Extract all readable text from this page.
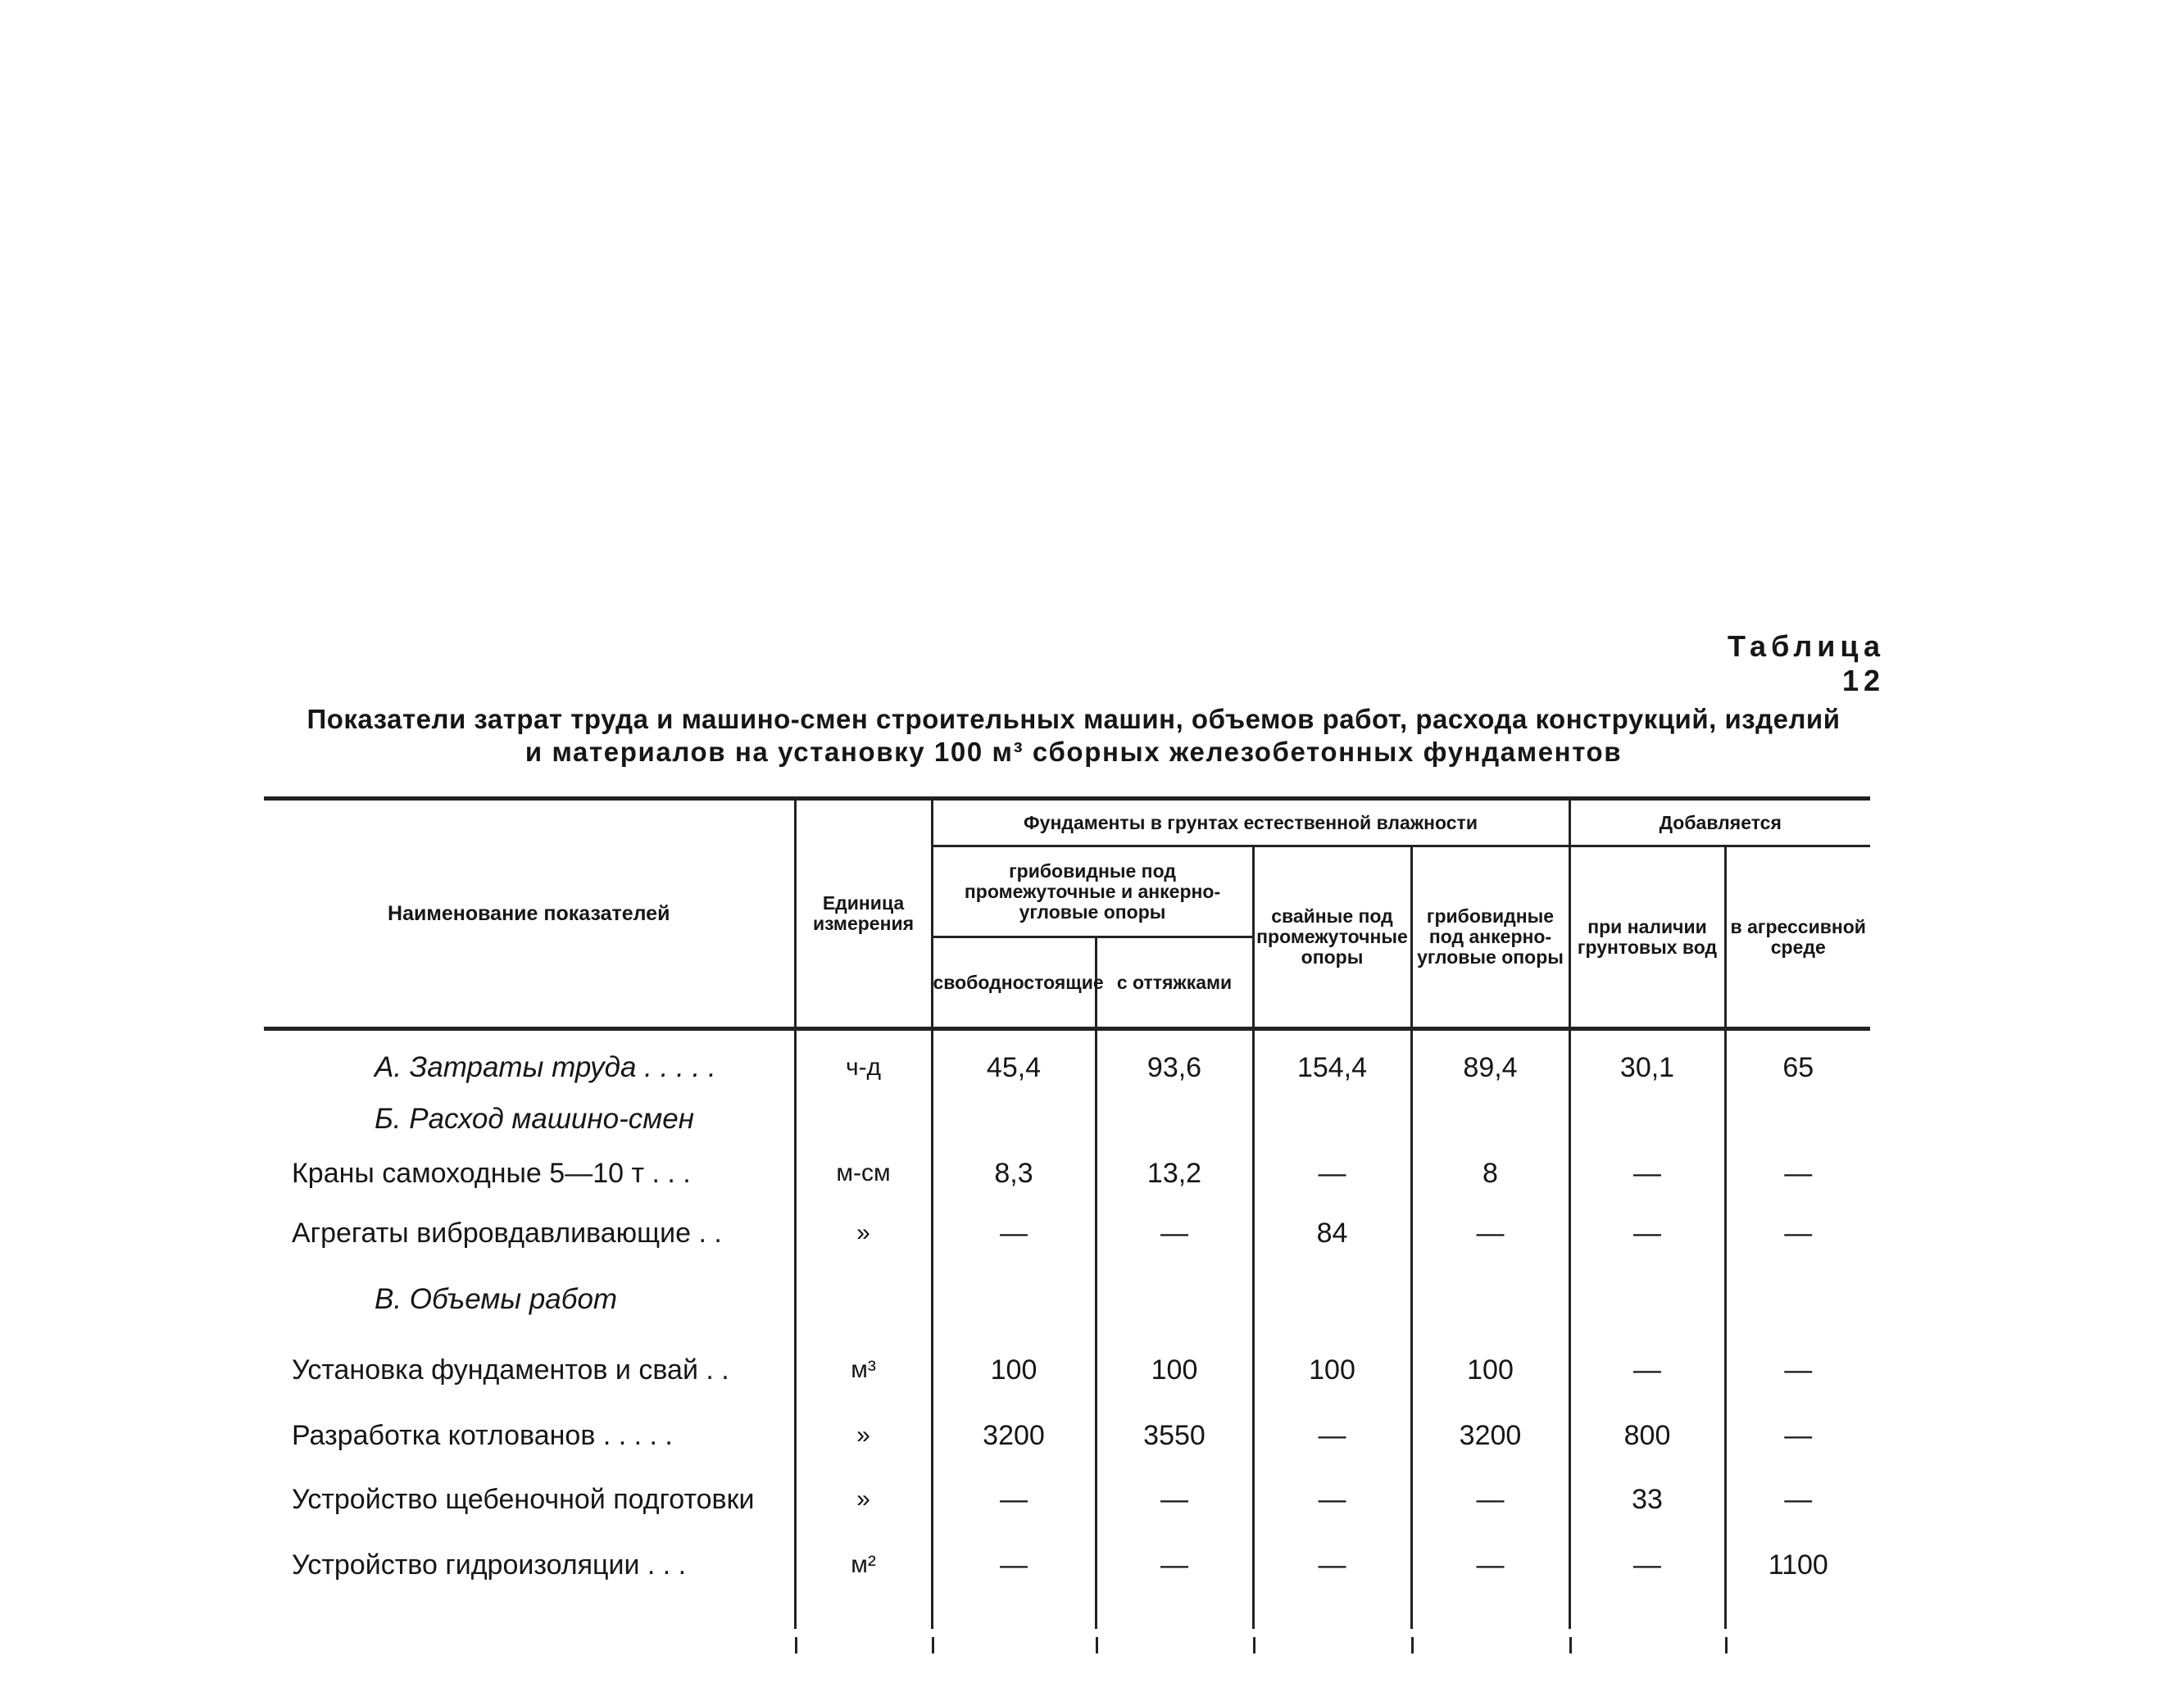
Таблица 12
Показатели затрат труда и машино-смен строительных машин, объемов работ, расхода конструкций, изделий
и материалов на установку 100 м³ сборных железобетонных фундаментов
Наименование показателей	Единица измерения	Фундаменты в грунтах естественной влажности				Добавляется	
		грибовидные под промежуточные и анкерно-угловые опоры		свайные под промежуточные опоры	грибовидные под анкерно-угловые опоры	при наличии грунтовых вод	в агрессивной среде
		свободностоящие	с оттяжками				

А. Затраты труда . . . . .	ч-д	45,4	93,6	154,4	89,4	30,1	65
Б. Расход машино-смен							
Краны самоходные 5—10 т . . .	м-см	8,3	13,2	—	8	—	—
Агрегаты вибровдавливающие . .	»	—	—	84	—	—	—
В. Объемы работ							
Установка фундаментов и свай . .	м³	100	100	100	100	—	—
Разработка котлованов . . . . .	»	3200	3550	—	3200	800	—
Устройство щебеночной подготовки	»	—	—	—	—	33	—
Устройство гидроизоляции . . .	м²	—	—	—	—	—	1100
